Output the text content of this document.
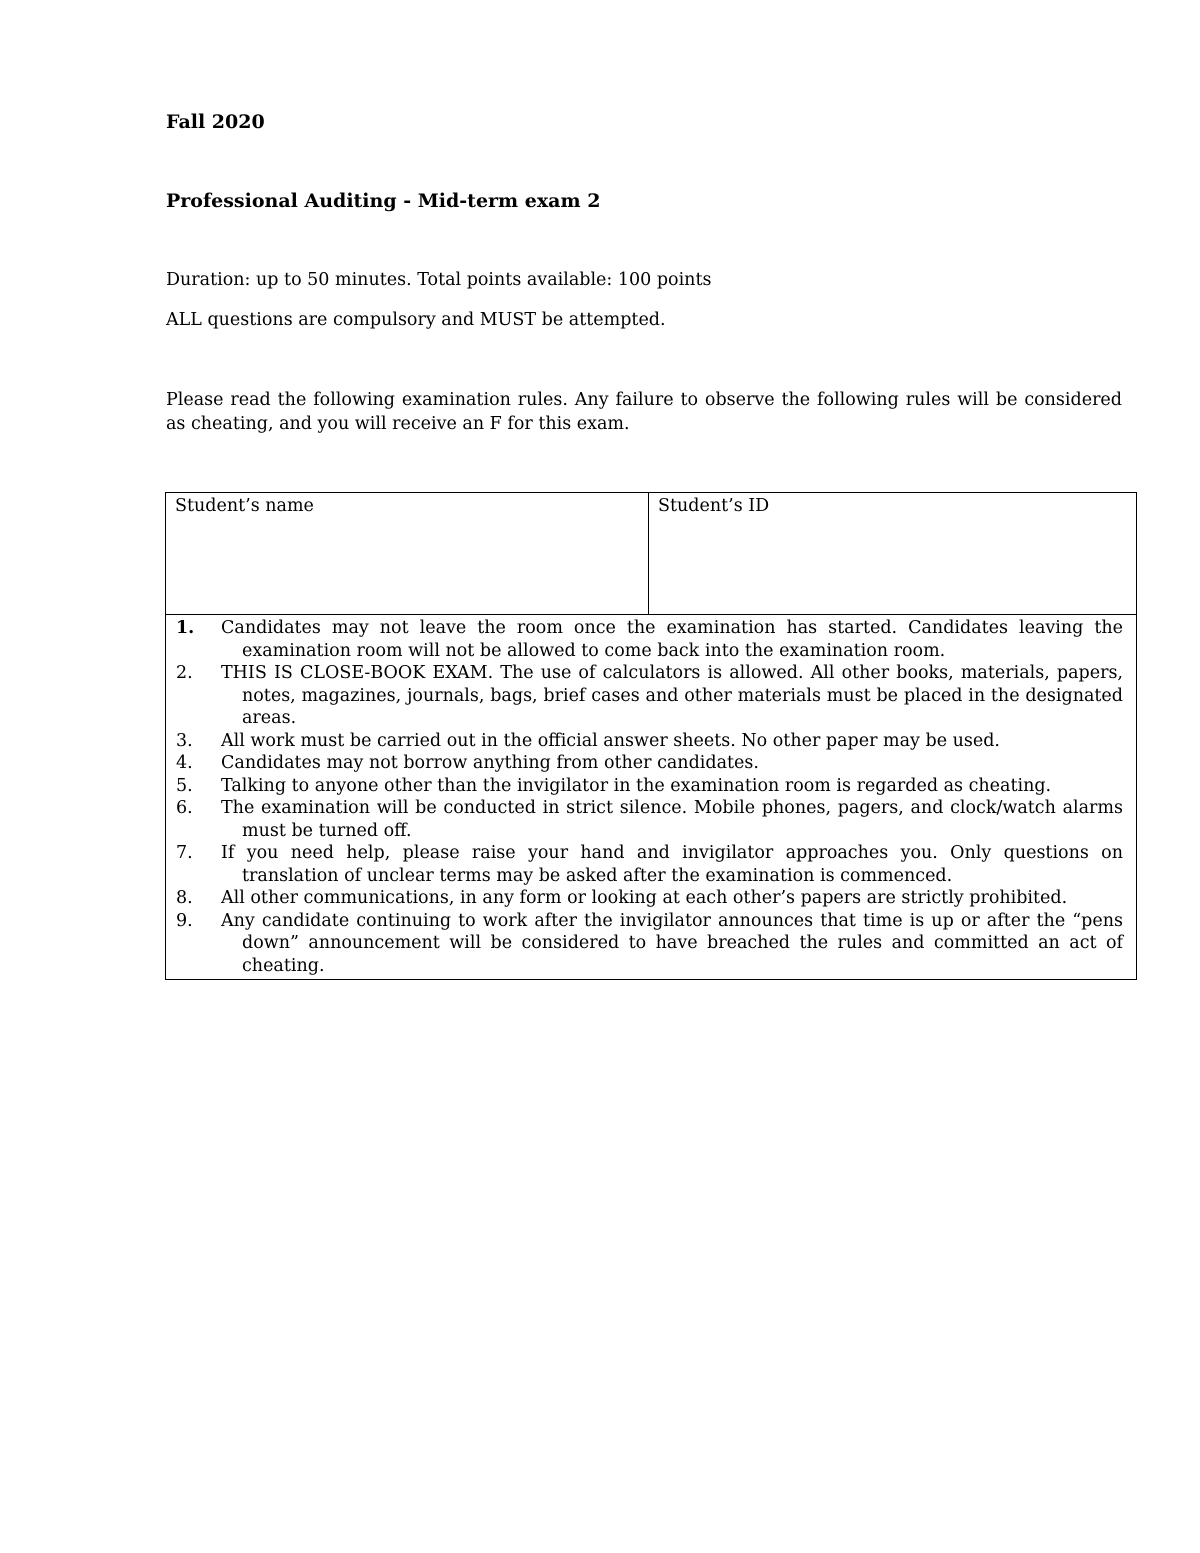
Fall 2020

Professional Auditing - Mid-term exam 2

Duration: up to 50 minutes. Total points available: 100 points

ALL questions are compulsory and MUST be attempted.

Please read the following examination rules. Any failure to observe the following rules will be considered as cheating, and you will receive an F for this exam.

Student’s name	Student’s ID

1.	Candidates may not leave the room once the examination has started. Candidates leaving the examination room will not be allowed to come back into the examination room.
2.	THIS IS CLOSE-BOOK EXAM. The use of calculators is allowed. All other books, materials, papers, notes, magazines, journals, bags, brief cases and other materials must be placed in the designated areas.
3.	All work must be carried out in the official answer sheets. No other paper may be used.
4.	Candidates may not borrow anything from other candidates.
5.	Talking to anyone other than the invigilator in the examination room is regarded as cheating.
6.	The examination will be conducted in strict silence. Mobile phones, pagers, and clock/watch alarms must be turned off.
7.	If you need help, please raise your hand and invigilator approaches you. Only questions on translation of unclear terms may be asked after the examination is commenced.
8.	All other communications, in any form or looking at each other’s papers are strictly prohibited.
9.	Any candidate continuing to work after the invigilator announces that time is up or after the “pens down” announcement will be considered to have breached the rules and committed an act of cheating.
